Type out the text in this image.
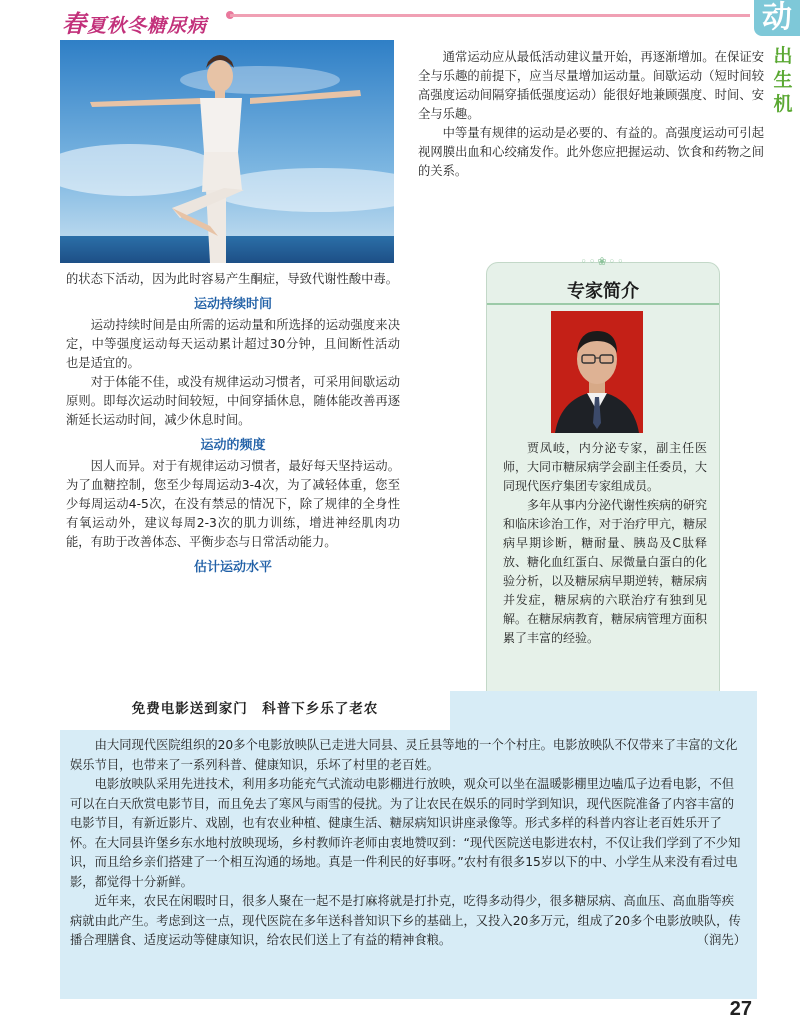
春夏秋冬糖尿病	动
出生机

通常运动应从最低活动建议量开始，再逐渐增加。在保证安全与乐趣的前提下，应当尽量增加运动量。间歇运动（短时间较高强度运动间隔穿插低强度运动）能很好地兼顾强度、时间、安全与乐趣。

中等量有规律的运动是必要的、有益的。高强度运动可引起视网膜出血和心绞痛发作。此外您应把握运动、饮食和药物之间的关系。

的状态下活动，因为此时容易产生酮症，导致代谢性酸中毒。

运动持续时间

运动持续时间是由所需的运动量和所选择的运动强度来决定，中等强度运动每天运动累计超过30分钟，且间断性活动也是适宜的。

对于体能不佳，或没有规律运动习惯者，可采用间歇运动原则。即每次运动时间较短，中间穿插休息，随体能改善再逐渐延长运动时间，减少休息时间。

运动的频度

因人而异。对于有规律运动习惯者，最好每天坚持运动。为了血糖控制，您至少每周运动3-4次，为了减轻体重，您至少每周运动4-5次，在没有禁忌的情况下，除了规律的全身性有氧运动外，建议每周2-3次的肌力训练，增进神经肌肉功能，有助于改善体态、平衡步态与日常活动能力。

估计运动水平
◦◦❀◦◦
专家简介

贾凤岐，内分泌专家，副主任医师，大同市糖尿病学会副主任委员，大同现代医疗集团专家组成员。

多年从事内分泌代谢性疾病的研究和临床诊治工作，对于治疗甲亢，糖尿病早期诊断，糖耐量、胰岛及C肽释放、糖化血红蛋白、尿微量白蛋白的化验分析，以及糖尿病早期逆转，糖尿病并发症，糖尿病的六联治疗有独到见解。在糖尿病教育，糖尿病管理方面积累了丰富的经验。

免费电影送到家门　科普下乡乐了老农

由大同现代医院组织的20多个电影放映队已走进大同县、灵丘县等地的一个个村庄。电影放映队不仅带来了丰富的文化娱乐节目，也带来了一系列科普、健康知识，乐坏了村里的老百姓。

电影放映队采用先进技术，利用多功能充气式流动电影棚进行放映，观众可以坐在温暖影棚里边嗑瓜子边看电影，不但可以在白天欣赏电影节目，而且免去了寒风与雨雪的侵扰。为了让农民在娱乐的同时学到知识，现代医院准备了内容丰富的电影节目，有新近影片、戏剧，也有农业种植、健康生活、糖尿病知识讲座录像等。形式多样的科普内容让老百姓乐开了怀。在大同县许堡乡东水地村放映现场，乡村教师许老师由衷地赞叹到：“现代医院送电影进农村，不仅让我们学到了不少知识，而且给乡亲们搭建了一个相互沟通的场地。真是一件利民的好事呀。”农村有很多15岁以下的中、小学生从来没有看过电影，都觉得十分新鲜。

近年来，农民在闲暇时日，很多人聚在一起不是打麻将就是打扑克，吃得多动得少，很多糖尿病、高血压、高血脂等疾病就由此产生。考虑到这一点，现代医院在多年送科普知识下乡的基础上，又投入20多万元，组成了20多个电影放映队，传播合理膳食、适度运动等健康知识，给农民们送上了有益的精神食粮。	（润先）

27
